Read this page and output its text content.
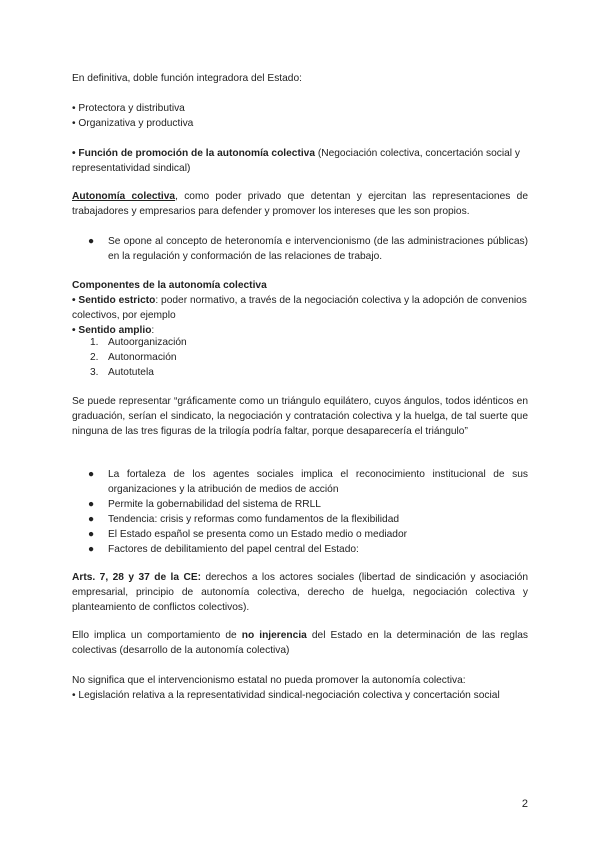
En definitiva, doble función integradora del Estado:

• Protectora y distributiva
• Organizativa y productiva

• Función de promoción de la autonomía colectiva (Negociación colectiva, concertación social y representatividad sindical)

Autonomía colectiva, como poder privado que detentan y ejercitan las representaciones de trabajadores y empresarios para defender y promover los intereses que les son propios.

● Se opone al concepto de heteronomía e intervencionismo (de las administraciones públicas) en la regulación y conformación de las relaciones de trabajo.
Componentes de la autonomía colectiva
• Sentido estricto: poder normativo, a través de la negociación colectiva y la adopción de convenios colectivos, por ejemplo
• Sentido amplio:
1. Autoorganización
2. Autonormación
3. Autotutela

Se puede representar “gráficamente como un triángulo equilátero, cuyos ángulos, todos idénticos en graduación, serían el sindicato, la negociación y contratación colectiva y la huelga, de tal suerte que ninguna de las tres figuras de la trilogía podría faltar, porque desaparecería el triángulo”

● La fortaleza de los agentes sociales implica el reconocimiento institucional de sus organizaciones y la atribución de medios de acción
● Permite la gobernabilidad del sistema de RRLL
● Tendencia: crisis y reformas como fundamentos de la flexibilidad
● El Estado español se presenta como un Estado medio o mediador
● Factores de debilitamiento del papel central del Estado:

Arts. 7, 28 y 37 de la CE: derechos a los actores sociales (libertad de sindicación y asociación empresarial, principio de autonomía colectiva, derecho de huelga, negociación colectiva y planteamiento de conflictos colectivos).

Ello implica un comportamiento de no injerencia del Estado en la determinación de las reglas colectivas (desarrollo de la autonomía colectiva)

No significa que el intervencionismo estatal no pueda promover la autonomía colectiva:

• Legislación relativa a la representatividad sindical-negociación colectiva y concertación social

2
